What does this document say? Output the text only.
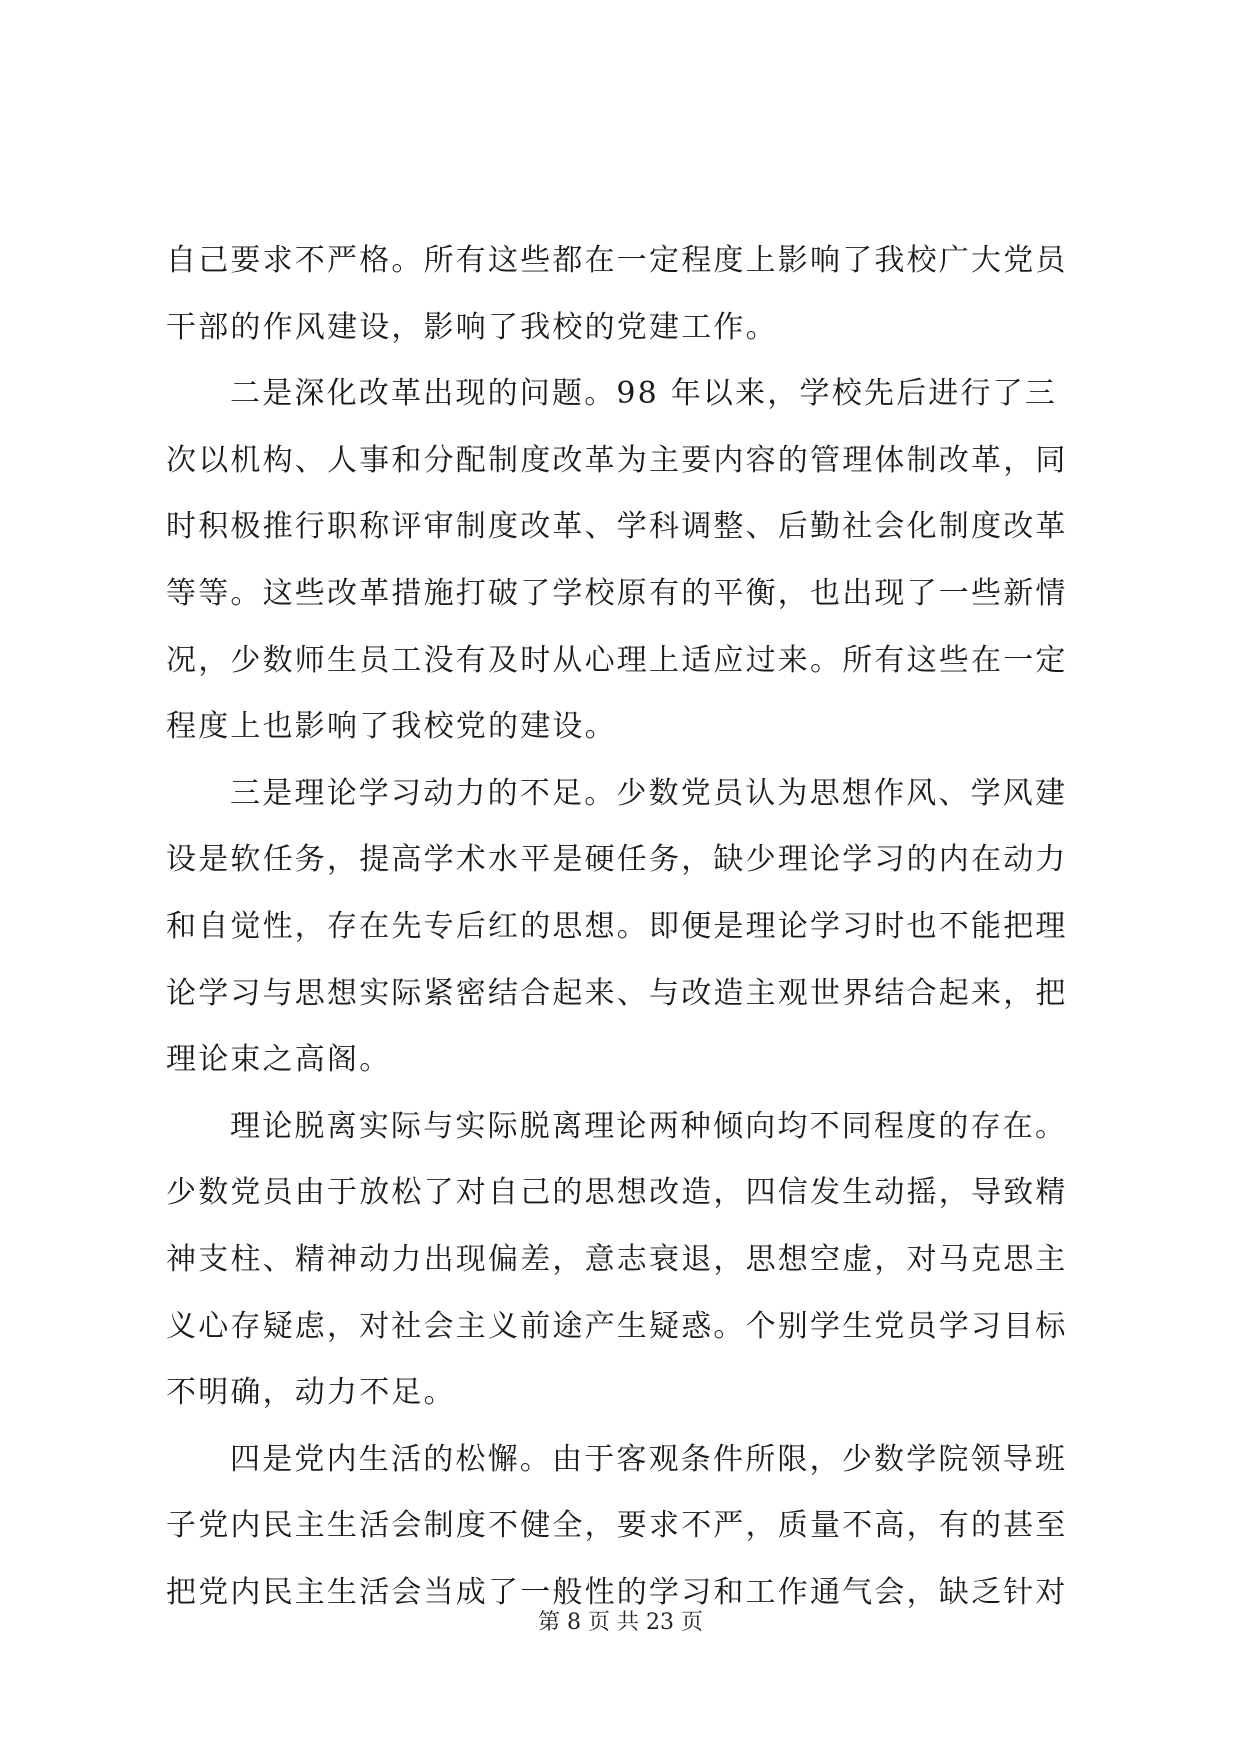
自己要求不严格。所有这些都在一定程度上影响了我校广大党员
干部的作风建设，影响了我校的党建工作。
二是深化改革出现的问题。98 年以来，学校先后进行了三
次以机构、人事和分配制度改革为主要内容的管理体制改革，同
时积极推行职称评审制度改革、学科调整、后勤社会化制度改革
等等。这些改革措施打破了学校原有的平衡，也出现了一些新情
况，少数师生员工没有及时从心理上适应过来。所有这些在一定
程度上也影响了我校党的建设。
三是理论学习动力的不足。少数党员认为思想作风、学风建
设是软任务，提高学术水平是硬任务，缺少理论学习的内在动力
和自觉性，存在先专后红的思想。即便是理论学习时也不能把理
论学习与思想实际紧密结合起来、与改造主观世界结合起来，把
理论束之高阁。
理论脱离实际与实际脱离理论两种倾向均不同程度的存在。
少数党员由于放松了对自己的思想改造，四信发生动摇，导致精
神支柱、精神动力出现偏差，意志衰退，思想空虚，对马克思主
义心存疑虑，对社会主义前途产生疑惑。个别学生党员学习目标
不明确，动力不足。
四是党内生活的松懈。由于客观条件所限，少数学院领导班
子党内民主生活会制度不健全，要求不严，质量不高，有的甚至
把党内民主生活会当成了一般性的学习和工作通气会，缺乏针对
第 8 页 共 23 页
